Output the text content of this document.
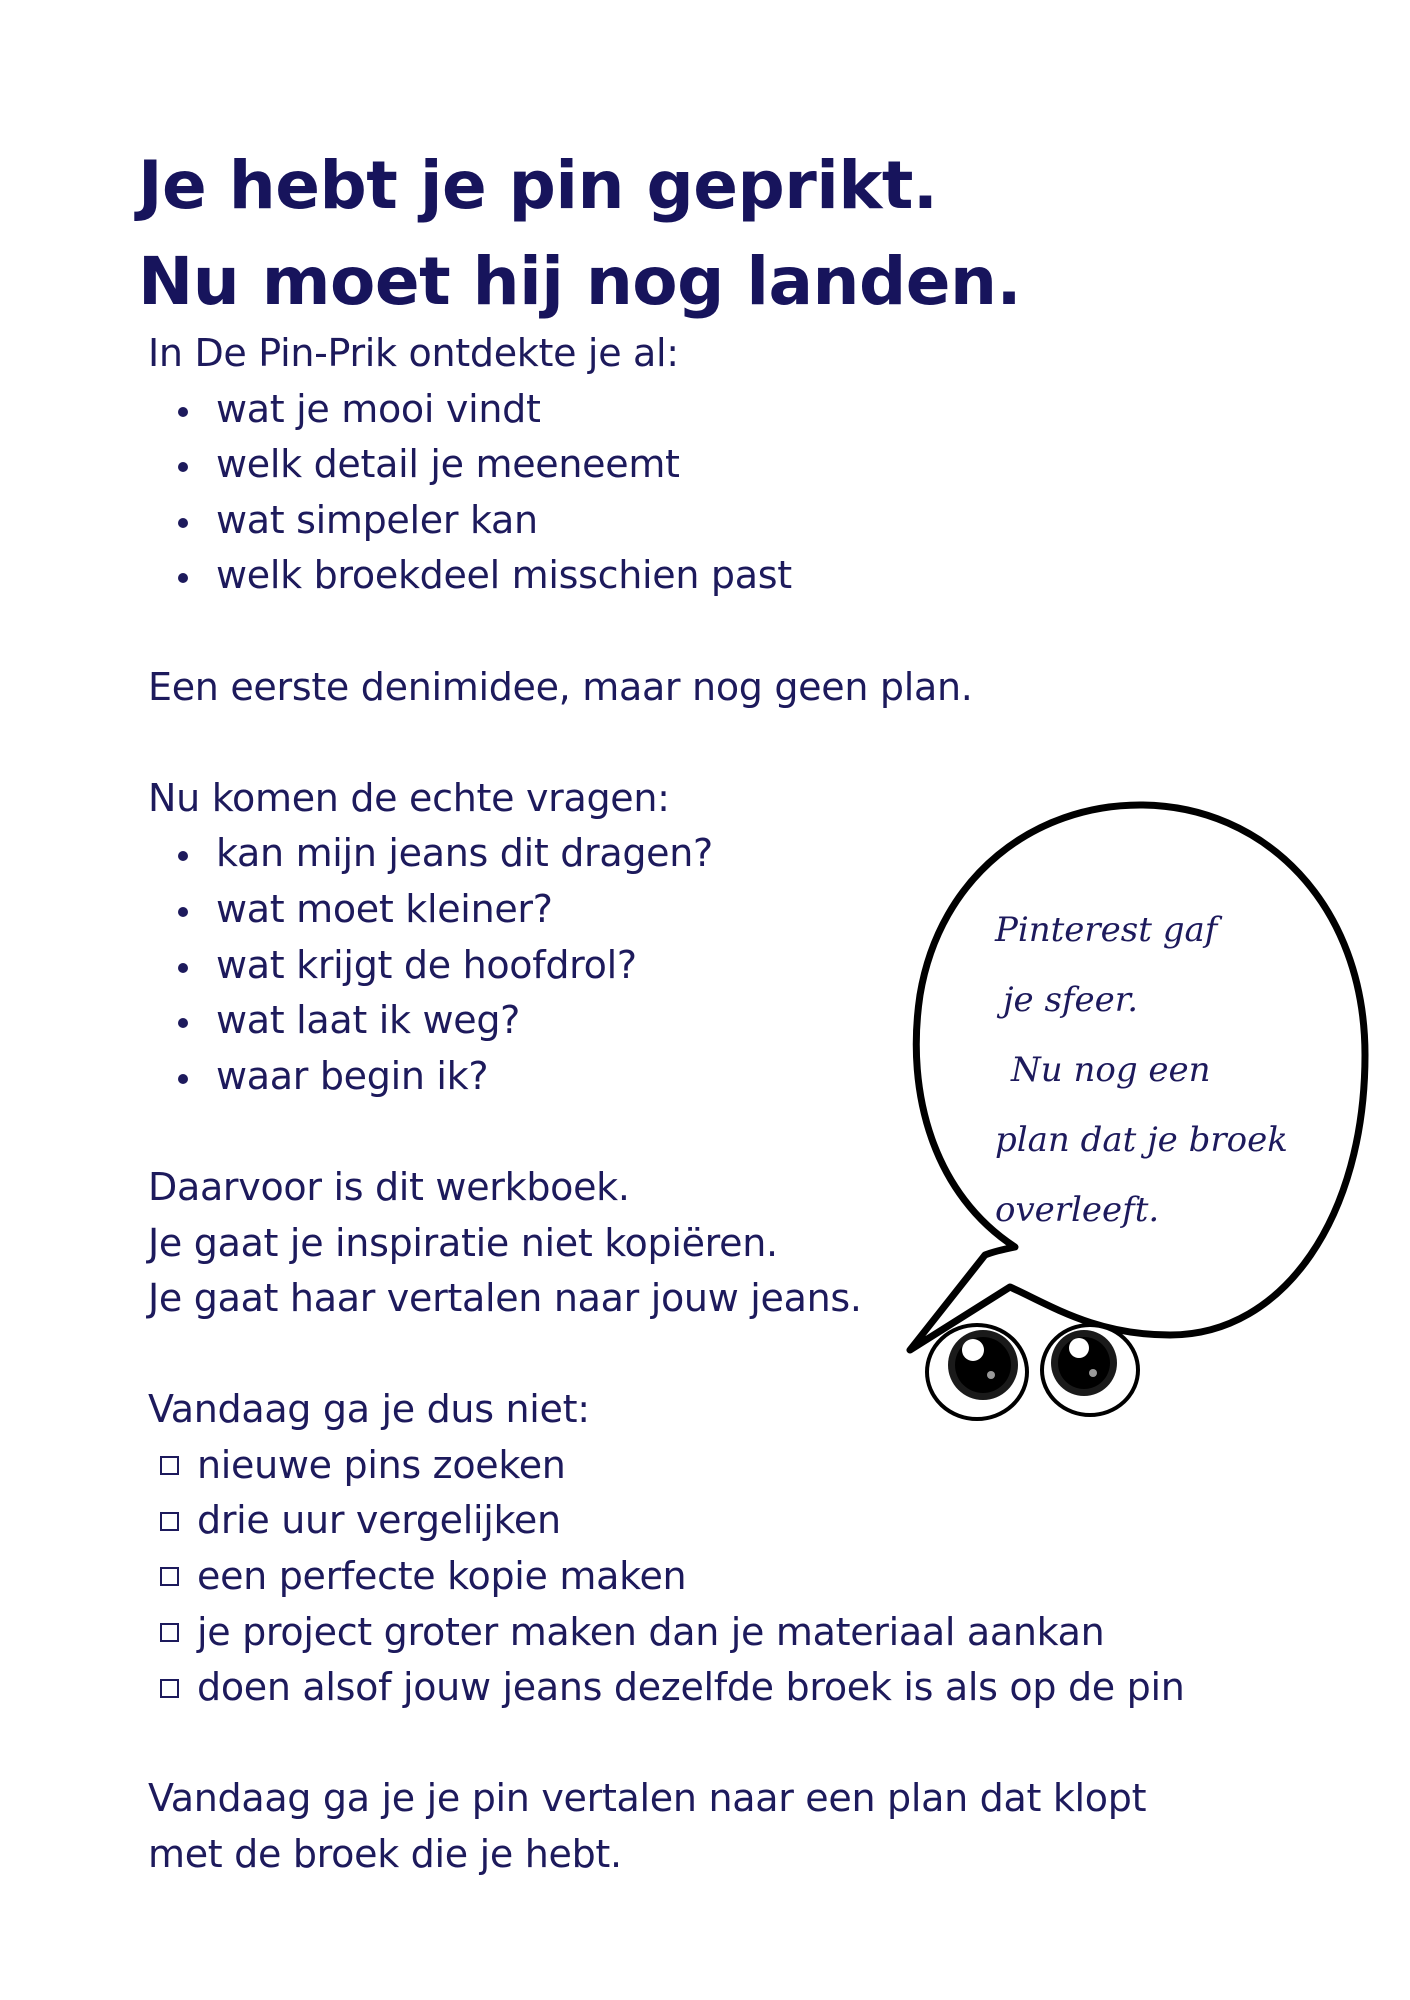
Je hebt je pin geprikt.
Nu moet hij nog landen.
In De Pin-Prik ontdekte je al:
wat je mooi vindt
welk detail je meeneemt
wat simpeler kan
welk broekdeel misschien past
Een eerste denimidee, maar nog geen plan.
Nu komen de echte vragen:
kan mijn jeans dit dragen?
wat moet kleiner?
wat krijgt de hoofdrol?
wat laat ik weg?
waar begin ik?
Daarvoor is dit werkboek.
Je gaat je inspiratie niet kopiëren.
Je gaat haar vertalen naar jouw jeans.
Vandaag ga je dus niet:
nieuwe pins zoeken
drie uur vergelijken
een perfecte kopie maken
je project groter maken dan je materiaal aankan
doen alsof jouw jeans dezelfde broek is als op de pin
Vandaag ga je je pin vertalen naar een plan dat klopt
met de broek die je hebt.
Pinterest gaf
je sfeer.
Nu nog een
plan dat je broek
overleeft.
